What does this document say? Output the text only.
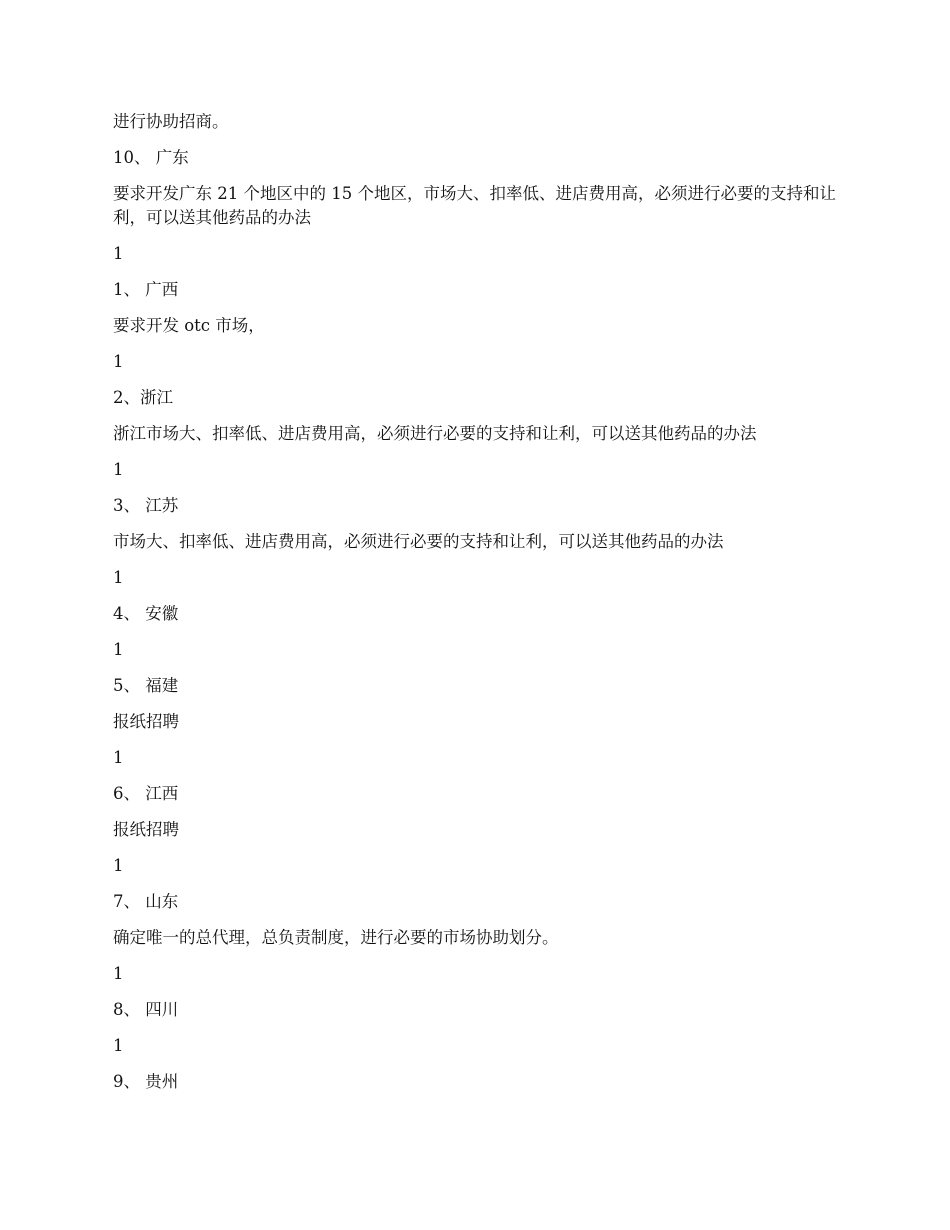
进行协助招商。

10、 广东

要求开发广东 21 个地区中的 15 个地区，市场大、扣率低、进店费用高，必须进行必要的支持和让利，可以送其他药品的办法

1

1、 广西

要求开发 otc 市场，

1

2、浙江

浙江市场大、扣率低、进店费用高，必须进行必要的支持和让利，可以送其他药品的办法

1

3、 江苏

市场大、扣率低、进店费用高，必须进行必要的支持和让利，可以送其他药品的办法

1

4、 安徽

1

5、 福建

报纸招聘

1

6、 江西

报纸招聘

1

7、 山东

确定唯一的总代理，总负责制度，进行必要的市场协助划分。

1

8、 四川

1

9、 贵州
